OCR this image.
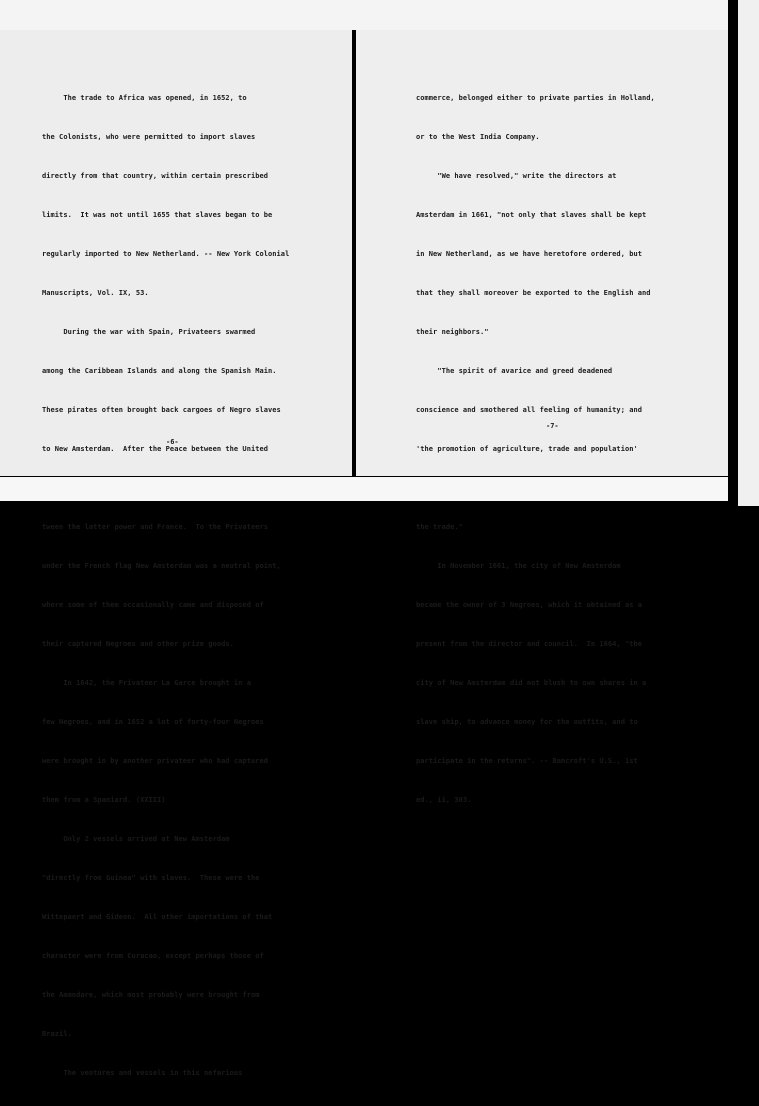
The trade to Africa was opened, in 1652, to

the Colonists, who were permitted to import slaves

directly from that country, within certain prescribed

limits.  It was not until 1655 that slaves began to be

regularly imported to New Netherland. -- New York Colonial

Manuscripts, Vol. IX, 53.

During the war with Spain, Privateers swarmed

among the Caribbean Islands and along the Spanish Main.

These pirates often brought back cargoes of Negro slaves

to New Amsterdam.  After the Peace between the United

tween the latter power and France.  To the Privateers

under the French flag New Amsterdam was a neutral point,

where some of them occasionally came and disposed of

their captured Negroes and other prize goods.

In 1642, the Privateer La Garce brought in a

few Negroes, and in 1652 a lot of forty-four Negroes

were brought in by another privateer who had captured

them from a Spaniard. (XXIII)

Only 2 vessels arrived at New Amsterdam

"directly from Guinea" with slaves.  These were the

Wittepaert and Gideon.  All other importations of that

character were from Curacao, except perhaps those of

the Amandare, which most probably were brought from

Brazil.

The ventures and vessels in this nefarious

-6-

commerce, belonged either to private parties in Holland,

or to the West India Company.

"We have resolved," write the directors at

Amsterdam in 1661, "not only that slaves shall be kept

in New Netherland, as we have heretofore ordered, but

that they shall moreover be exported to the English and

their neighbors."

"The spirit of avarice and greed deadened

conscience and smothered all feeling of humanity; and

'the promotion of agriculture, trade and population'

the trade."

In November 1661, the city of New Amsterdam

became the owner of 3 Negroes, which it obtained as a

present from the director and council.  In 1664, "the

city of New Amsterdam did not blush to own shares in a

slave ship, to advance money for the outfits, and to

participate in the returns". -- Bancroft's U.S., 1st

ed., ii, 303.

-7-
